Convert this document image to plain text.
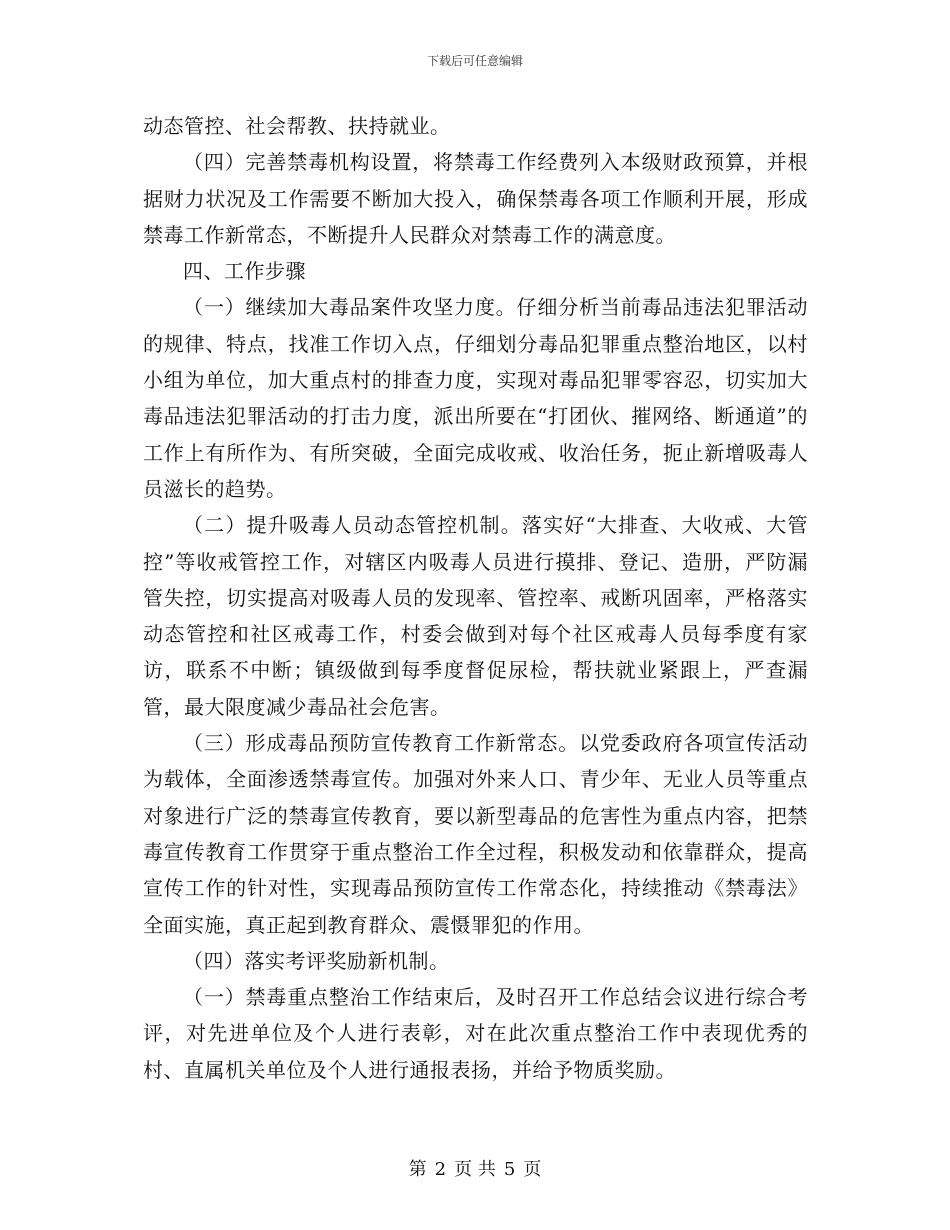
下载后可任意编辑

动态管控、社会帮教、扶持就业。

（四）完善禁毒机构设置，将禁毒工作经费列入本级财政预算，并根据财力状况及工作需要不断加大投入，确保禁毒各项工作顺利开展，形成禁毒工作新常态，不断提升人民群众对禁毒工作的满意度。

四、工作步骤

（一）继续加大毒品案件攻坚力度。仔细分析当前毒品违法犯罪活动的规律、特点，找准工作切入点，仔细划分毒品犯罪重点整治地区，以村小组为单位，加大重点村的排查力度，实现对毒品犯罪零容忍，切实加大毒品违法犯罪活动的打击力度，派出所要在“打团伙、摧网络、断通道”的工作上有所作为、有所突破，全面完成收戒、收治任务，扼止新增吸毒人员滋长的趋势。

（二）提升吸毒人员动态管控机制。落实好“大排查、大收戒、大管控”等收戒管控工作，对辖区内吸毒人员进行摸排、登记、造册，严防漏管失控，切实提高对吸毒人员的发现率、管控率、戒断巩固率，严格落实动态管控和社区戒毒工作，村委会做到对每个社区戒毒人员每季度有家访，联系不中断；镇级做到每季度督促尿检，帮扶就业紧跟上，严查漏管，最大限度减少毒品社会危害。

（三）形成毒品预防宣传教育工作新常态。以党委政府各项宣传活动为载体，全面渗透禁毒宣传。加强对外来人口、青少年、无业人员等重点对象进行广泛的禁毒宣传教育，要以新型毒品的危害性为重点内容，把禁毒宣传教育工作贯穿于重点整治工作全过程，积极发动和依靠群众，提高宣传工作的针对性，实现毒品预防宣传工作常态化，持续推动《禁毒法》全面实施，真正起到教育群众、震慑罪犯的作用。

（四）落实考评奖励新机制。

（一）禁毒重点整治工作结束后，及时召开工作总结会议进行综合考评，对先进单位及个人进行表彰，对在此次重点整治工作中表现优秀的村、直属机关单位及个人进行通报表扬，并给予物质奖励。

第 2 页 共 5 页
